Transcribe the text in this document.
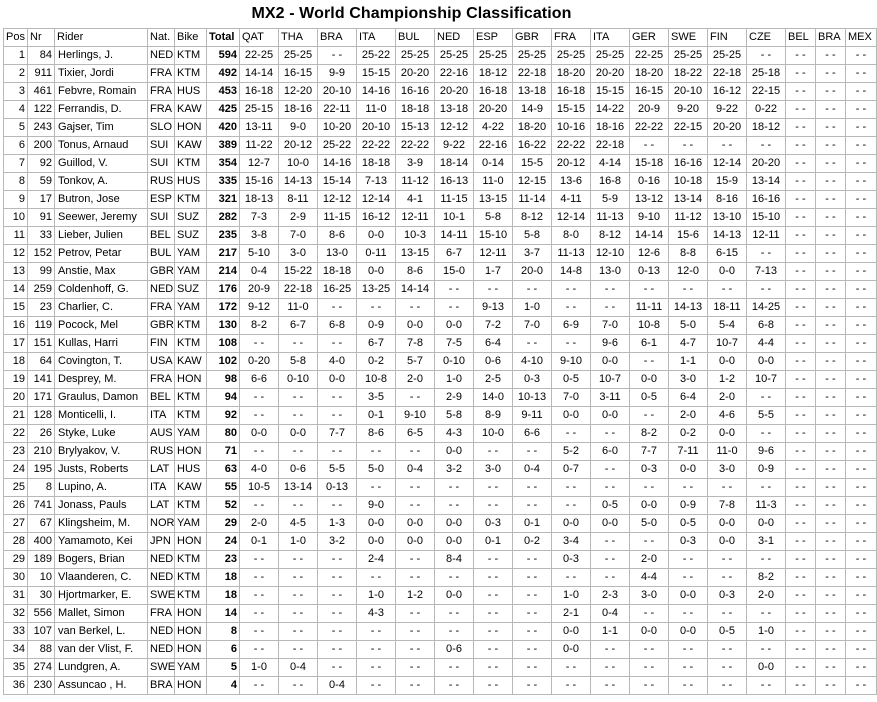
MX2 - World Championship Classification
Pos	Nr	Rider	Nat.	Bike	Total	QAT	THA	BRA	ITA	BUL	NED	ESP	GBR	FRA	ITA	GER	SWE	FIN	CZE	BEL	BRA	MEX
1	84	Herlings, J.	NED	KTM	594	22-25	25-25	- -	25-22	25-25	25-25	25-25	25-25	25-25	25-25	22-25	25-25	25-25	- -	- -	- -	- -
2	911	Tixier, Jordi	FRA	KTM	492	14-14	16-15	9-9	15-15	20-20	22-16	18-12	22-18	18-20	20-20	18-20	18-22	22-18	25-18	- -	- -	- -
3	461	Febvre, Romain	FRA	HUS	453	16-18	12-20	20-10	14-16	16-16	20-20	16-18	13-18	16-18	15-15	16-15	20-10	16-12	22-15	- -	- -	- -
4	122	Ferrandis, D.	FRA	KAW	425	25-15	18-16	22-11	11-0	18-18	13-18	20-20	14-9	15-15	14-22	20-9	9-20	9-22	0-22	- -	- -	- -
5	243	Gajser, Tim	SLO	HON	420	13-11	9-0	10-20	20-10	15-13	12-12	4-22	18-20	10-16	18-16	22-22	22-15	20-20	18-12	- -	- -	- -
6	200	Tonus, Arnaud	SUI	KAW	389	11-22	20-12	25-22	22-22	22-22	9-22	22-16	16-22	22-22	22-18	- -	- -	- -	- -	- -	- -	- -
7	92	Guillod, V.	SUI	KTM	354	12-7	10-0	14-16	18-18	3-9	18-14	0-14	15-5	20-12	4-14	15-18	16-16	12-14	20-20	- -	- -	- -
8	59	Tonkov, A.	RUS	HUS	335	15-16	14-13	15-14	7-13	11-12	16-13	11-0	12-15	13-6	16-8	0-16	10-18	15-9	13-14	- -	- -	- -
9	17	Butron, Jose	ESP	KTM	321	18-13	8-11	12-12	12-14	4-1	11-15	13-15	11-14	4-11	5-9	13-12	13-14	8-16	16-16	- -	- -	- -
10	91	Seewer, Jeremy	SUI	SUZ	282	7-3	2-9	11-15	16-12	12-11	10-1	5-8	8-12	12-14	11-13	9-10	11-12	13-10	15-10	- -	- -	- -
11	33	Lieber, Julien	BEL	SUZ	235	3-8	7-0	8-6	0-0	10-3	14-11	15-10	5-8	8-0	8-12	14-14	15-6	14-13	12-11	- -	- -	- -
12	152	Petrov, Petar	BUL	YAM	217	5-10	3-0	13-0	0-11	13-15	6-7	12-11	3-7	11-13	12-10	12-6	8-8	6-15	- -	- -	- -	- -
13	99	Anstie, Max	GBR	YAM	214	0-4	15-22	18-18	0-0	8-6	15-0	1-7	20-0	14-8	13-0	0-13	12-0	0-0	7-13	- -	- -	- -
14	259	Coldenhoff, G.	NED	SUZ	176	20-9	22-18	16-25	13-25	14-14	- -	- -	- -	- -	- -	- -	- -	- -	- -	- -	- -	- -
15	23	Charlier, C.	FRA	YAM	172	9-12	11-0	- -	- -	- -	- -	9-13	1-0	- -	- -	11-11	14-13	18-11	14-25	- -	- -	- -
16	119	Pocock, Mel	GBR	KTM	130	8-2	6-7	6-8	0-9	0-0	0-0	7-2	7-0	6-9	7-0	10-8	5-0	5-4	6-8	- -	- -	- -
17	151	Kullas, Harri	FIN	KTM	108	- -	- -	- -	6-7	7-8	7-5	6-4	- -	- -	9-6	6-1	4-7	10-7	4-4	- -	- -	- -
18	64	Covington, T.	USA	KAW	102	0-20	5-8	4-0	0-2	5-7	0-10	0-6	4-10	9-10	0-0	- -	1-1	0-0	0-0	- -	- -	- -
19	141	Desprey, M.	FRA	HON	98	6-6	0-10	0-0	10-8	2-0	1-0	2-5	0-3	0-5	10-7	0-0	3-0	1-2	10-7	- -	- -	- -
20	171	Graulus, Damon	BEL	KTM	94	- -	- -	- -	3-5	- -	2-9	14-0	10-13	7-0	3-11	0-5	6-4	2-0	- -	- -	- -	- -
21	128	Monticelli, I.	ITA	KTM	92	- -	- -	- -	0-1	9-10	5-8	8-9	9-11	0-0	0-0	- -	2-0	4-6	5-5	- -	- -	- -
22	26	Styke, Luke	AUS	YAM	80	0-0	0-0	7-7	8-6	6-5	4-3	10-0	6-6	- -	- -	8-2	0-2	0-0	- -	- -	- -	- -
23	210	Brylyakov, V.	RUS	HON	71	- -	- -	- -	- -	- -	0-0	- -	- -	5-2	6-0	7-7	7-11	11-0	9-6	- -	- -	- -
24	195	Justs, Roberts	LAT	HUS	63	4-0	0-6	5-5	5-0	0-4	3-2	3-0	0-4	0-7	- -	0-3	0-0	3-0	0-9	- -	- -	- -
25	8	Lupino, A.	ITA	KAW	55	10-5	13-14	0-13	- -	- -	- -	- -	- -	- -	- -	- -	- -	- -	- -	- -	- -	- -
26	741	Jonass, Pauls	LAT	KTM	52	- -	- -	- -	9-0	- -	- -	- -	- -	- -	0-5	0-0	0-9	7-8	11-3	- -	- -	- -
27	67	Klingsheim, M.	NOR	YAM	29	2-0	4-5	1-3	0-0	0-0	0-0	0-3	0-1	0-0	0-0	5-0	0-5	0-0	0-0	- -	- -	- -
28	400	Yamamoto, Kei	JPN	HON	24	0-1	1-0	3-2	0-0	0-0	0-0	0-1	0-2	3-4	- -	- -	0-3	0-0	3-1	- -	- -	- -
29	189	Bogers, Brian	NED	KTM	23	- -	- -	- -	2-4	- -	8-4	- -	- -	0-3	- -	2-0	- -	- -	- -	- -	- -	- -
30	10	Vlaanderen, C.	NED	KTM	18	- -	- -	- -	- -	- -	- -	- -	- -	- -	- -	4-4	- -	- -	8-2	- -	- -	- -
31	30	Hjortmarker, E.	SWE	KTM	18	- -	- -	- -	1-0	1-2	0-0	- -	- -	1-0	2-3	3-0	0-0	0-3	2-0	- -	- -	- -
32	556	Mallet, Simon	FRA	HON	14	- -	- -	- -	4-3	- -	- -	- -	- -	2-1	0-4	- -	- -	- -	- -	- -	- -	- -
33	107	van Berkel, L.	NED	HON	8	- -	- -	- -	- -	- -	- -	- -	- -	0-0	1-1	0-0	0-0	0-5	1-0	- -	- -	- -
34	88	van der Vlist, F.	NED	HON	6	- -	- -	- -	- -	- -	0-6	- -	- -	0-0	- -	- -	- -	- -	- -	- -	- -	- -
35	274	Lundgren, A.	SWE	YAM	5	1-0	0-4	- -	- -	- -	- -	- -	- -	- -	- -	- -	- -	- -	0-0	- -	- -	- -
36	230	Assuncao , H.	BRA	HON	4	- -	- -	0-4	- -	- -	- -	- -	- -	- -	- -	- -	- -	- -	- -	- -	- -	- -
